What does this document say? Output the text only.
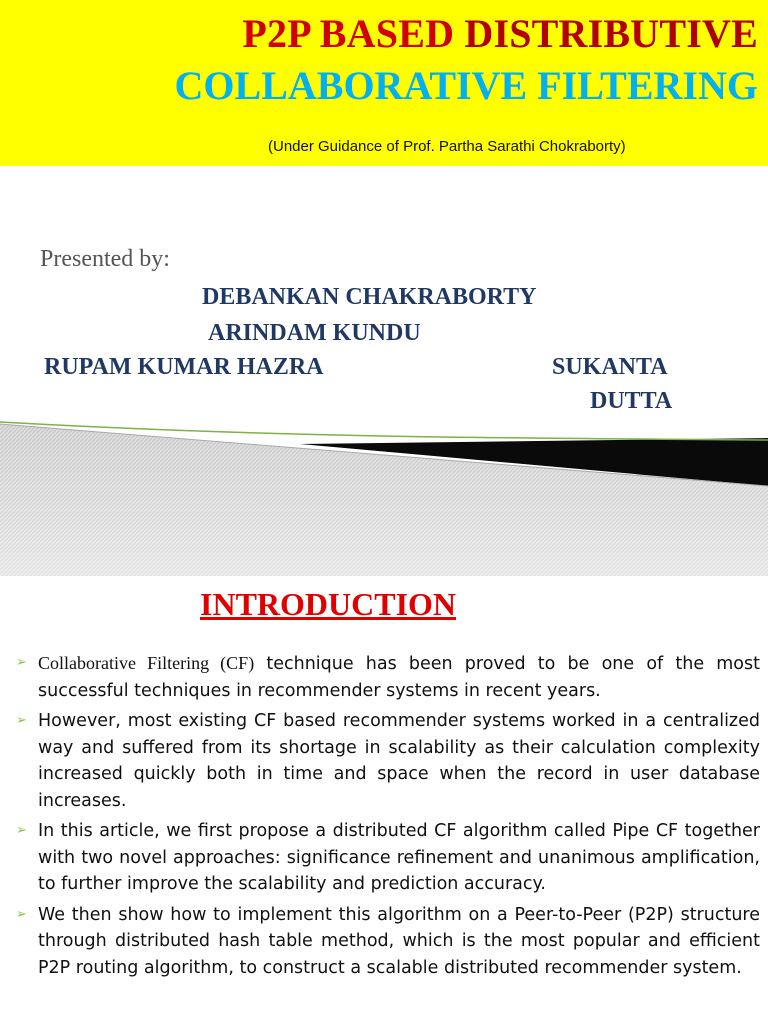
P2P BASED DISTRIBUTIVE
COLLABORATIVE FILTERING
(Under Guidance of Prof. Partha Sarathi Chokraborty)
Presented by:
DEBANKAN CHAKRABORTY
ARINDAM KUNDU
RUPAM KUMAR HAZRA	SUKANTA
DUTTA
INTRODUCTION
➢ Collaborative Filtering (CF) technique has been proved to be one of the most successful techniques in recommender systems in recent years.
➢ However, most existing CF based recommender systems worked in a centralized way and suffered from its shortage in scalability as their calculation complexity increased quickly both in time and space when the record in user database increases.
➢ In this article, we first propose a distributed CF algorithm called Pipe CF together with two novel approaches: significance refinement and unanimous amplification, to further improve the scalability and prediction accuracy.
➢ We then show how to implement this algorithm on a Peer-to-Peer (P2P) structure through distributed hash table method, which is the most popular and efficient P2P routing algorithm, to construct a scalable distributed recommender system.
